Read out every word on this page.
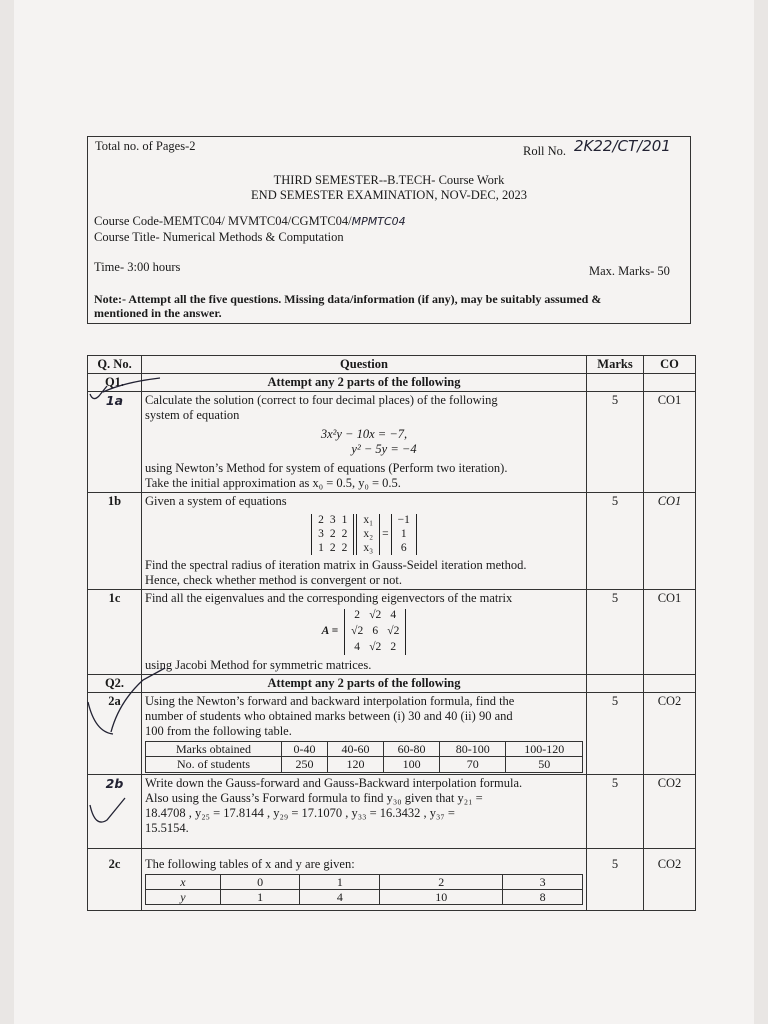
Total no. of Pages-2	Roll No. 2K22/CT/201
THIRD SEMESTER--B.TECH- Course Work
END SEMESTER EXAMINATION, NOV-DEC, 2023
Course Code-MEMTC04/ MVMTC04/CGMTC04/MPMTC04
Course Title- Numerical Methods & Computation
Time- 3:00 hours	Max. Marks- 50
Note:- Attempt all the five questions. Missing data/information (if any), may be suitably assumed &
mentioned in the answer.
Q. No.	Question	Marks	CO
Q1.	Attempt any 2 parts of the following		
1a	Calculate the solution (correct to four decimal places) of the following
system of equation
3x²y − 10x = −7,
y² − 5y = −4
using Newton’s Method for system of equations (Perform two iteration).
Take the initial approximation as x₀ = 0.5, y₀ = 0.5.
	5	CO1
1b	Given a system of equations
2 3 1
3 2 2
1 2 2
x₁
x₂
x₃
=
−1
1
6
Find the spectral radius of iteration matrix in Gauss-Seidel iteration method.
Hence, check whether method is convergent or not.
	5	CO1
1c	Find all the eigenvalues and the corresponding eigenvectors of the matrix
A =
2 √2 4
√2 6 √2
4 √2 2
using Jacobi Method for symmetric matrices.
	5	CO1
Q2.	Attempt any 2 parts of the following		
2a	Using the Newton’s forward and backward interpolation formula, find the
number of students who obtained marks between (i) 30 and 40 (ii) 90 and
100 from the following table.
Marks obtained	0-40	40-60	60-80	80-100	100-120
No. of students	250	120	100	70	50
	5	CO2
2b	Write down the Gauss-forward and Gauss-Backward interpolation formula.
Also using the Gauss’s Forward formula to find y₃₀ given that y₂₁ =
18.4708 , y₂₅ = 17.8144 , y₂₉ = 17.1070 , y₃₃ = 16.3432 , y₃₇ =
15.5154.
	5	CO2
2c	The following tables of x and y are given:
x	0	1	2	3
y	1	4	10	8
	5	CO2
